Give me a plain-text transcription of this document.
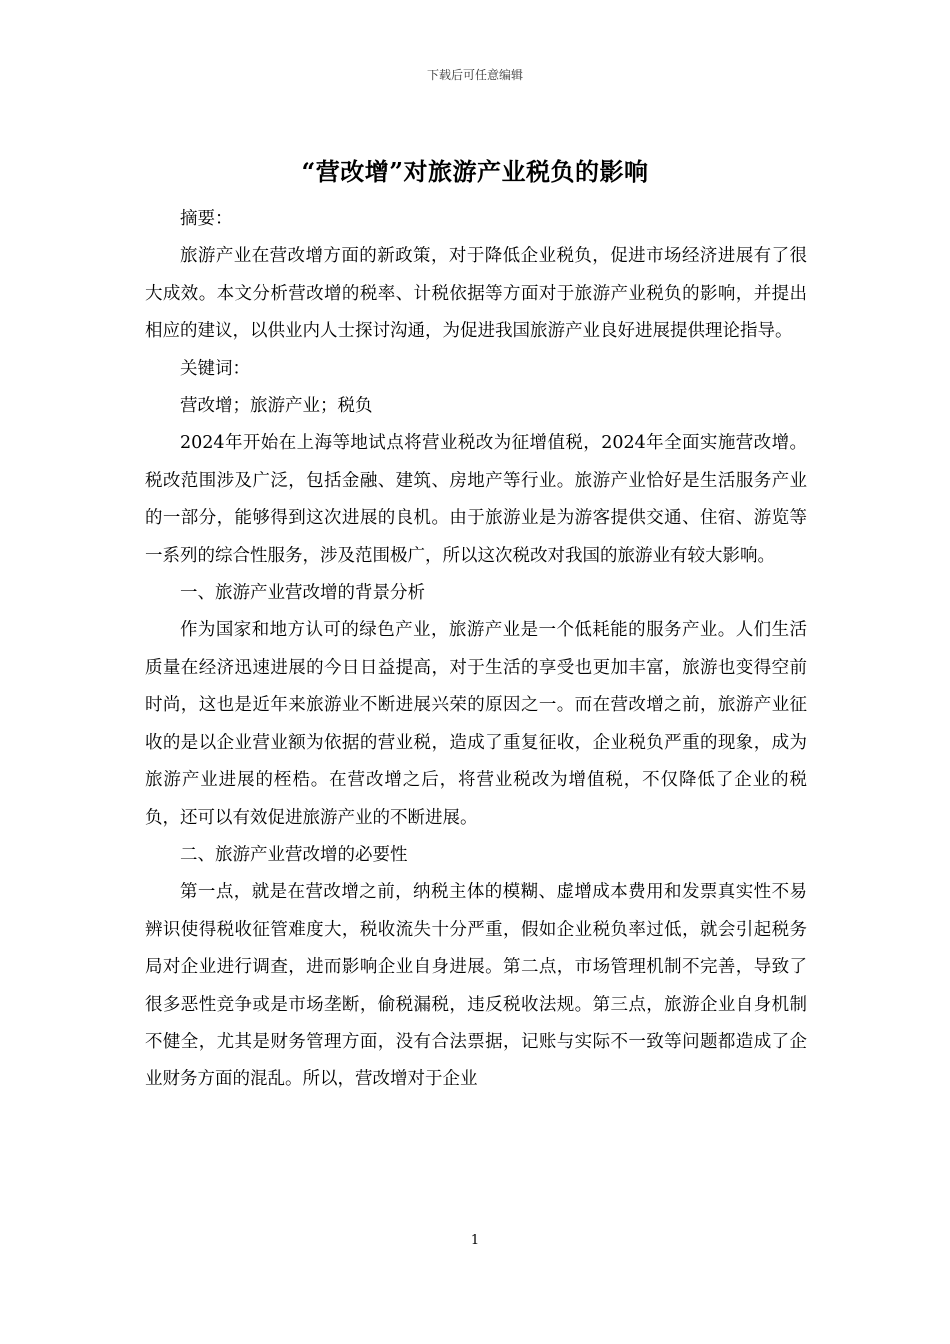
下载后可任意编辑
“营改增”对旅游产业税负的影响

摘要：

旅游产业在营改增方面的新政策，对于降低企业税负，促进市场经济进展有了很大成效。本文分析营改增的税率、计税依据等方面对于旅游产业税负的影响，并提出相应的建议，以供业内人士探讨沟通，为促进我国旅游产业良好进展提供理论指导。

关键词：

营改增；旅游产业；税负

2024年开始在上海等地试点将营业税改为征增值税，2024年全面实施营改增。税改范围涉及广泛，包括金融、建筑、房地产等行业。旅游产业恰好是生活服务产业的一部分，能够得到这次进展的良机。由于旅游业是为游客提供交通、住宿、游览等一系列的综合性服务，涉及范围极广，所以这次税改对我国的旅游业有较大影响。

一、旅游产业营改增的背景分析

作为国家和地方认可的绿色产业，旅游产业是一个低耗能的服务产业。人们生活质量在经济迅速进展的今日日益提高，对于生活的享受也更加丰富，旅游也变得空前时尚，这也是近年来旅游业不断进展兴荣的原因之一。而在营改增之前，旅游产业征收的是以企业营业额为依据的营业税，造成了重复征收，企业税负严重的现象，成为旅游产业进展的桎梏。在营改增之后，将营业税改为增值税，不仅降低了企业的税负，还可以有效促进旅游产业的不断进展。

二、旅游产业营改增的必要性

第一点，就是在营改增之前，纳税主体的模糊、虚增成本费用和发票真实性不易辨识使得税收征管难度大，税收流失十分严重，假如企业税负率过低，就会引起税务局对企业进行调查，进而影响企业自身进展。第二点，市场管理机制不完善，导致了很多恶性竞争或是市场垄断，偷税漏税，违反税收法规。第三点，旅游企业自身机制不健全，尤其是财务管理方面，没有合法票据，记账与实际不一致等问题都造成了企业财务方面的混乱。所以，营改增对于企业

1
